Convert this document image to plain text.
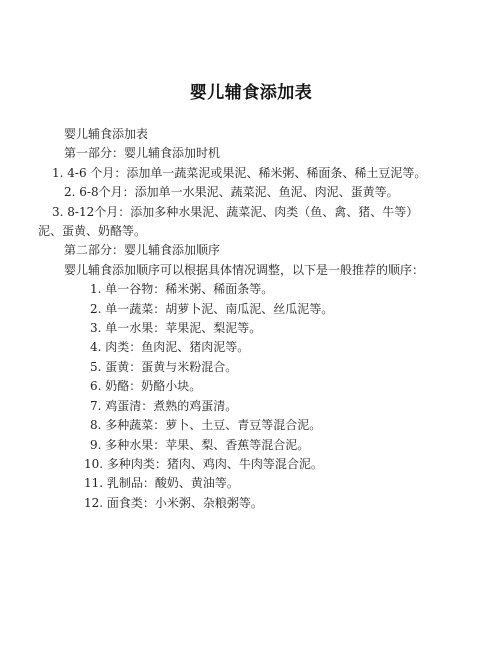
婴儿辅食添加表

婴儿辅食添加表

第一部分：婴儿辅食添加时机

1. 4-6 个月：添加单一蔬菜泥或果泥、稀米粥、稀面条、稀土豆泥等。

2. 6-8个月：添加单一水果泥、蔬菜泥、鱼泥、肉泥、蛋黄等。

3. 8-12个月：添加多种水果泥、蔬菜泥、肉类（鱼、禽、猪、牛等）泥、蛋黄、奶酪等。

第二部分：婴儿辅食添加顺序

婴儿辅食添加顺序可以根据具体情况调整，以下是一般推荐的顺序：

1. 单一谷物：稀米粥、稀面条等。

2. 单一蔬菜：胡萝卜泥、南瓜泥、丝瓜泥等。

3. 单一水果：苹果泥、梨泥等。

4. 肉类：鱼肉泥、猪肉泥等。

5. 蛋黄：蛋黄与米粉混合。

6. 奶酪：奶酪小块。

7. 鸡蛋清：煮熟的鸡蛋清。

8. 多种蔬菜：萝卜、土豆、青豆等混合泥。

9. 多种水果：苹果、梨、香蕉等混合泥。

10. 多种肉类：猪肉、鸡肉、牛肉等混合泥。

11. 乳制品：酸奶、黄油等。

12. 面食类：小米粥、杂粮粥等。
